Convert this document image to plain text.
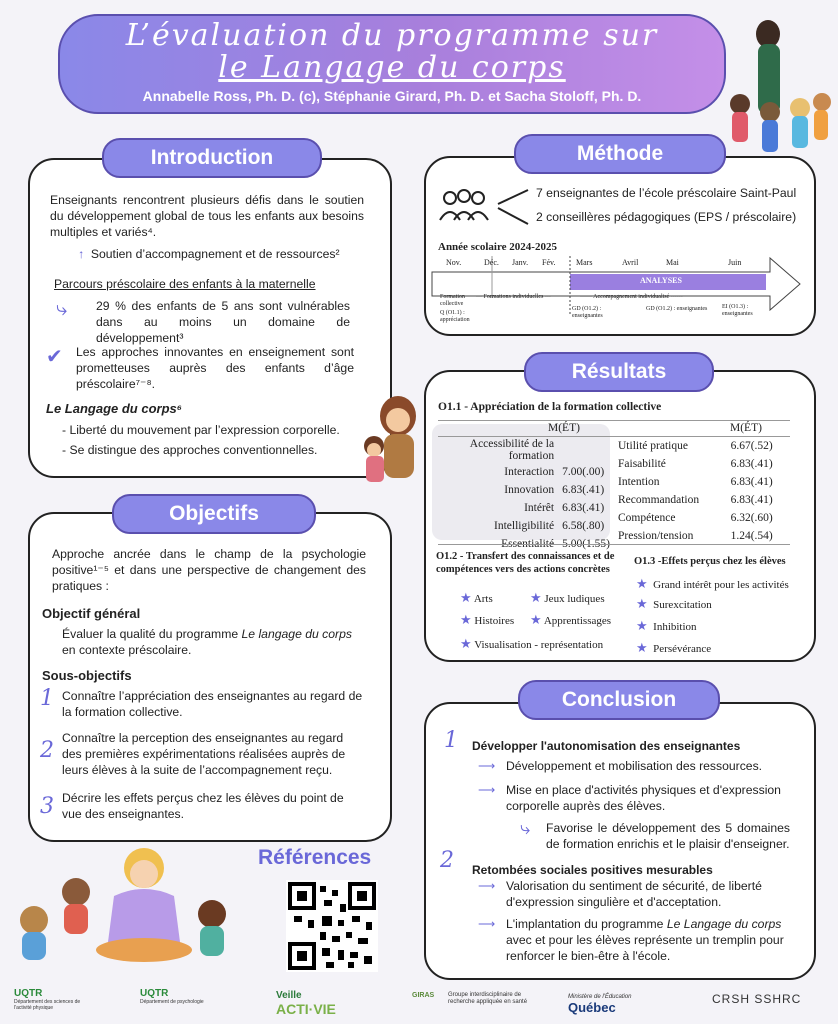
L’évaluation du programme sur
le Langage du corps
Annabelle Ross, Ph. D. (c), Stéphanie Girard, Ph. D. et Sacha Stoloff, Ph. D.
Introduction
Enseignants rencontrent plusieurs défis dans le soutien du développement global de tous les enfants aux besoins multiples et variés⁴.
↑ Soutien d’accompagnement et de ressources²
Parcours préscolaire des enfants à la maternelle
⤷ 29 % des enfants de 5 ans sont vulnérables dans au moins un domaine de développement³
✔ Les approches innovantes en enseignement sont prometteuses auprès des enfants d’âge préscolaire⁷⁻⁸.
Le Langage du corps⁶
- Liberté du mouvement par l’expression corporelle.
- Se distingue des approches conventionnelles.
Objectifs
Approche ancrée dans le champ de la psychologie positive¹⁻⁵ et dans une perspective de changement des pratiques :
Objectif général
Évaluer la qualité du programme Le langage du corps en contexte préscolaire.
Sous-objectifs
1 Connaître l’appréciation des enseignantes au regard de la formation collective.
2 Connaître la perception des enseignantes au regard des premières expérimentations réalisées auprès de leurs élèves à la suite de l’accompagnement reçu.
3 Décrire les effets perçus chez les élèves du point de vue des enseignantes.
Méthode
7 enseignantes de l’école préscolaire Saint-Paul
2 conseillères pédagogiques (EPS / préscolaire)
Année scolaire 2024-2025
Nov.	Déc. Janv. Fév.	Mars	Avril	Mai	Juin
ANALYSES
Formation collective
--- Formations individuelles ---	------ Accompagnement individualisé ------
Q (O1.1) : appréciation
GD (O1.2) : enseignantes
GD (O1.2) : enseignantes	EI (O1.3) : enseignantes
Résultats
O1.1 - Appréciation de la formation collective
M(ÉT)	M(ÉT)
Accessibilité de la formation	
Interaction	7.00(.00)
Innovation	6.83(.41)
Intérêt	6.83(.41)
Intelligibilité	6.58(.80)
Essentialité	5.00(1.55)
Utilité pratique	6.67(.52)
Faisabilité	6.83(.41)
Intention	6.83(.41)
Recommandation	6.83(.41)
Compétence	6.32(.60)
Pression/tension	1.24(.54)
O1.2 - Transfert des connaissances et de compétences vers des actions concrètes
O1.3 -Effets perçus chez les élèves
★ Arts	★ Jeux ludiques
★ Histoires ★ Apprentissages
★ Visualisation - représentation
★ Grand intérêt pour les activités
★ Surexcitation
★ Inhibition
★ Persévérance
Conclusion
1 Développer l'autonomisation des enseignantes
⟶ Développement et mobilisation des ressources.
⟶ Mise en place d'activités physiques et d'expression corporelle auprès des élèves.
⤷ Favorise le développement des 5 domaines de formation enrichis et le plaisir d'enseigner.
2 Retombées sociales positives mesurables
⟶ Valorisation du sentiment de sécurité, de liberté d'expression singulière et d'acceptation.
⟶ L'implantation du programme Le Langage du corps avec et pour les élèves représente un tremplin pour renforcer le bien-être à l'école.
Références
UQTR
Département des sciences de l'activité physique
UQTR
Département de psychologie
Veille
ACTI·VIE
GIRAS	Groupe interdisciplinaire de recherche appliquée en santé
Ministère de l'Éducation
Québec
CRSH SSHRC
